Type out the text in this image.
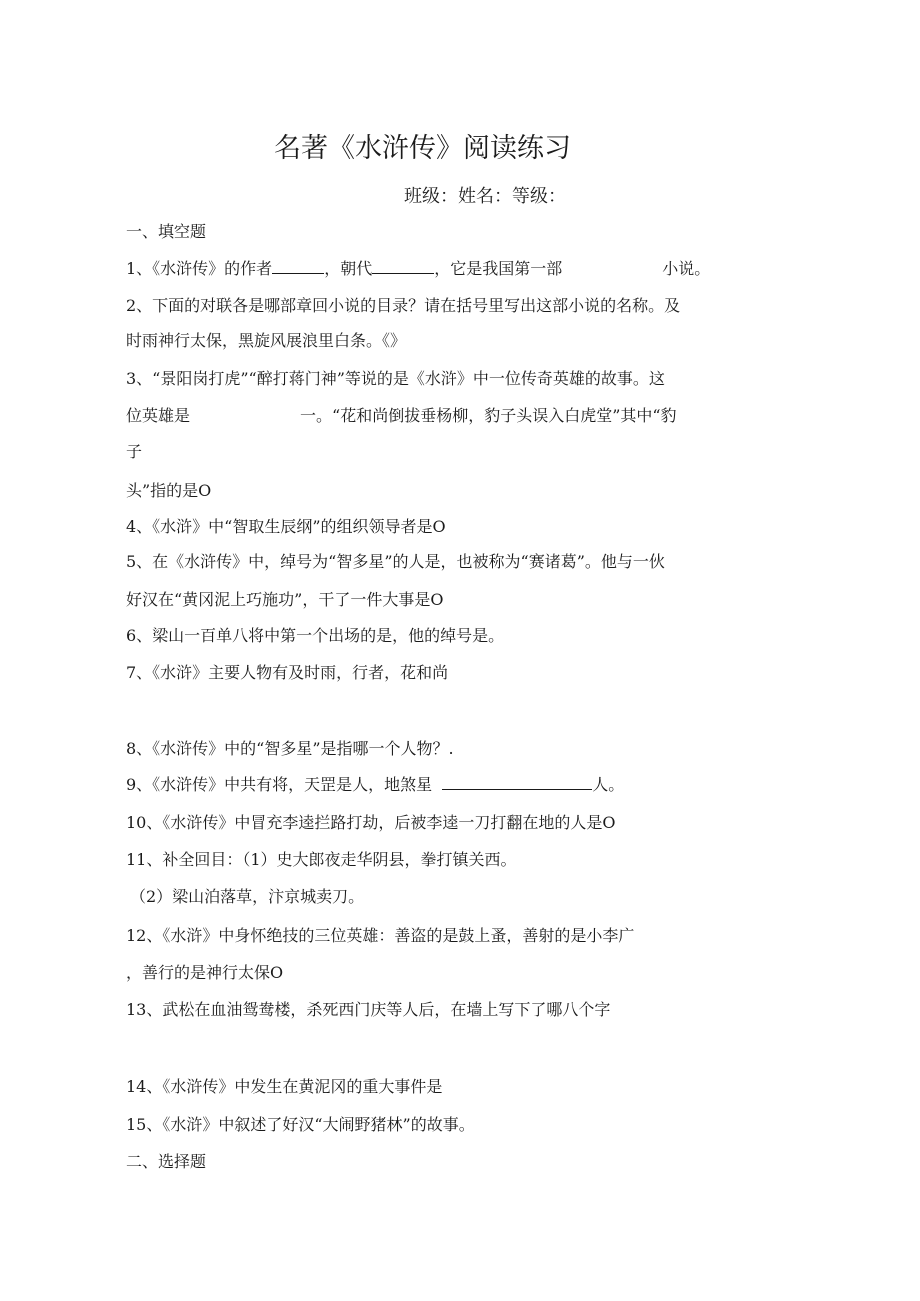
名著《水浒传》阅读练习
班级：姓名：等级：
一、填空题
1、《水浒传》的作者	，朝代	，它是我国第一部	小说。
2、下面的对联各是哪部章回小说的目录？请在括号里写出这部小说的名称。及
时雨神行太保，黑旋风展浪里白条。《》
3、“景阳岗打虎”“醉打蒋门神”等说的是《水浒》中一位传奇英雄的故事。这
位英雄是	一。“花和尚倒拔垂杨柳，豹子头误入白虎堂”其中“豹
子
头”指的是O
4、《水浒》中“智取生辰纲”的组织领导者是O
5、在《水浒传》中，绰号为“智多星”的人是，也被称为“赛诸葛”。他与一伙
好汉在“黄冈泥上巧施功”，干了一件大事是O
6、梁山一百单八将中第一个出场的是，他的绰号是。
7、《水浒》主要人物有及时雨，行者，花和尚
8、《水浒传》中的“智多星”是指哪一个人物？.
9、《水浒传》中共有将，天罡是人，地煞星	人。
10、《水浒传》中冒充李逵拦路打劫，后被李逵一刀打翻在地的人是O
11、补全回目：（1）史大郎夜走华阴县，拳打镇关西。
（2）梁山泊落草，汴京城卖刀。
12、《水浒》中身怀绝技的三位英雄：善盗的是鼓上蚤，善射的是小李广
，善行的是神行太保O
13、武松在血油鸳鸯楼，杀死西门庆等人后，在墙上写下了哪八个字
14、《水浒传》中发生在黄泥冈的重大事件是
15、《水浒》中叙述了好汉“大闹野猪林”的故事。
二、选择题
